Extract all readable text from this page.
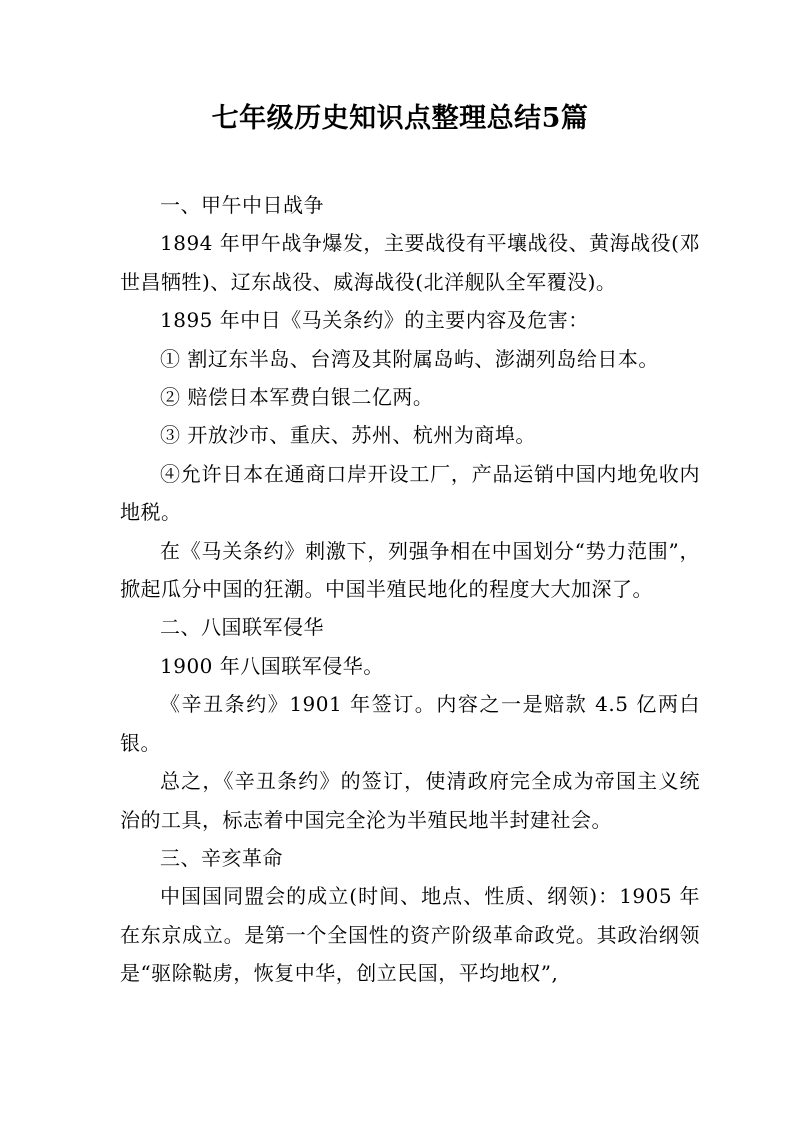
七年级历史知识点整理总结5篇

一、甲午中日战争

1894 年甲午战争爆发，主要战役有平壤战役、黄海战役(邓世昌牺牲)、辽东战役、威海战役(北洋舰队全军覆没)。

1895 年中日《马关条约》的主要内容及危害：

① 割辽东半岛、台湾及其附属岛屿、澎湖列岛给日本。

② 赔偿日本军费白银二亿两。

③ 开放沙市、重庆、苏州、杭州为商埠。

④允许日本在通商口岸开设工厂，产品运销中国内地免收内地税。

在《马关条约》刺激下，列强争相在中国划分“势力范围”，掀起瓜分中国的狂潮。中国半殖民地化的程度大大加深了。

二、八国联军侵华

1900 年八国联军侵华。

《辛丑条约》1901 年签订。内容之一是赔款 4.5 亿两白银。

总之，《辛丑条约》的签订，使清政府完全成为帝国主义统治的工具，标志着中国完全沦为半殖民地半封建社会。

三、辛亥革命

中国国同盟会的成立(时间、地点、性质、纲领)：1905 年在东京成立。是第一个全国性的资产阶级革命政党。其政治纲领是“驱除鞑虏，恢复中华，创立民国，平均地权”,
